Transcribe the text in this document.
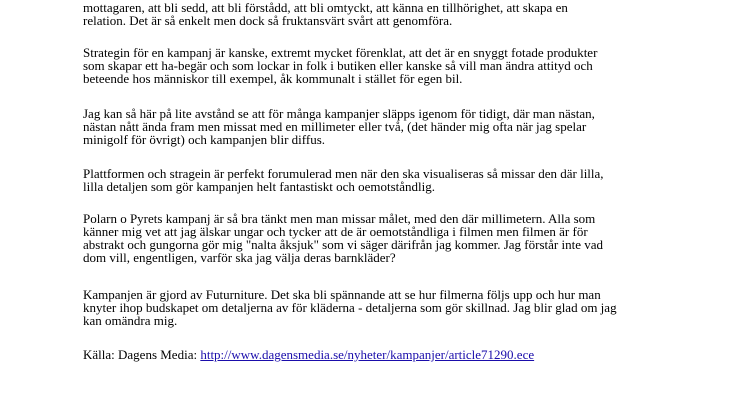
mottagaren, att bli sedd, att bli förstådd, att bli omtyckt, att känna en tillhörighet, att skapa en
relation. Det är så enkelt men dock så fruktansvärt svårt att genomföra.
Strategin för en kampanj är kanske, extremt mycket förenklat, att det är en snyggt fotade produkter
som skapar ett ha-begär och som lockar in folk i butiken eller kanske så vill man ändra attityd och
beteende hos människor till exempel, åk kommunalt i stället för egen bil.
Jag kan så här på lite avstånd se att för många kampanjer släpps igenom för tidigt, där man nästan,
nästan nått ända fram men missat med en millimeter eller två, (det händer mig ofta när jag spelar
minigolf för övrigt) och kampanjen blir diffus.
Plattformen och stragein är perfekt forumulerad men när den ska visualiseras så missar den där lilla,
lilla detaljen som gör kampanjen helt fantastiskt och oemotståndlig.
Polarn o Pyrets kampanj är så bra tänkt men man missar målet, med den där millimetern. Alla som
känner mig vet att jag älskar ungar och tycker att de är oemotståndliga i filmen men filmen är för
abstrakt och gungorna gör mig "nalta åksjuk" som vi säger därifrån jag kommer. Jag förstår inte vad
dom vill, engentligen, varför ska jag välja deras barnkläder?
Kampanjen är gjord av Futurniture. Det ska bli spännande att se hur filmerna följs upp och hur man
knyter ihop budskapet om detaljerna av för kläderna - detaljerna som gör skillnad. Jag blir glad om jag
kan omändra mig.
Källa: Dagens Media: http://www.dagensmedia.se/nyheter/kampanjer/article71290.ece
